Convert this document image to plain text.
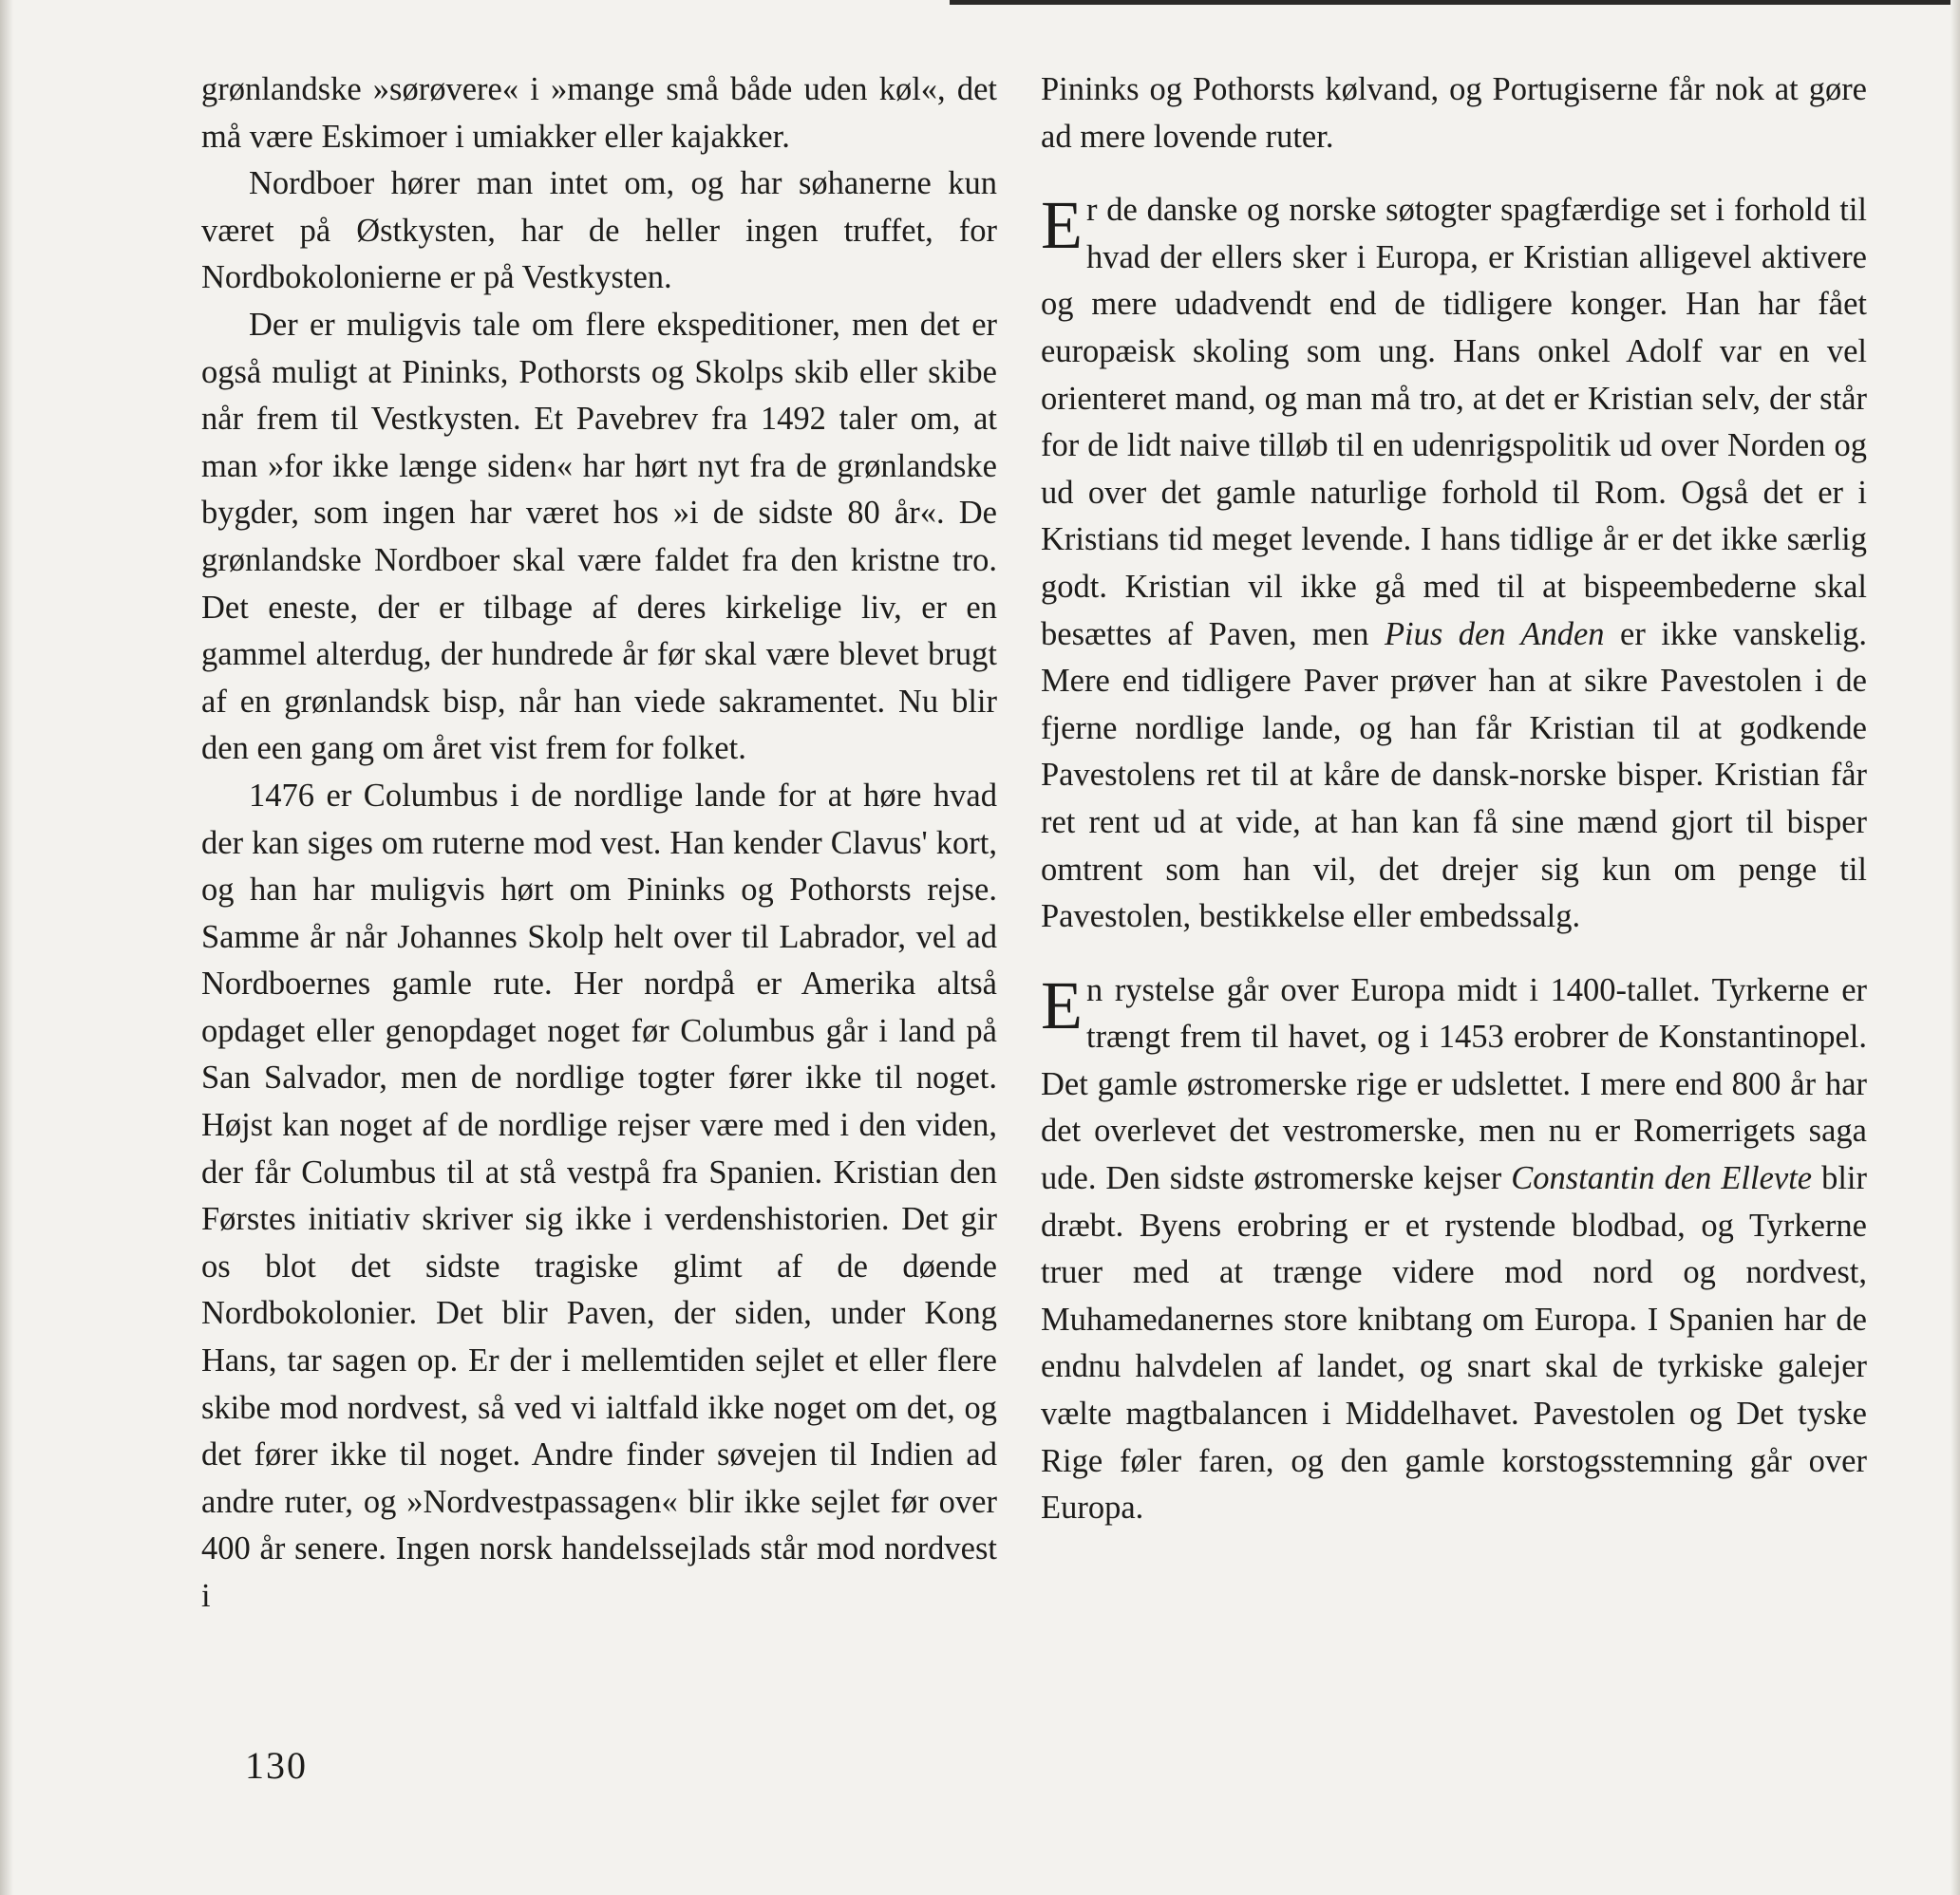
grønlandske »sørøvere« i »mange små både uden køl«, det må være Eskimoer i umiakker eller kajakker.

Nordboer hører man intet om, og har søhanerne kun været på Østkysten, har de heller ingen truffet, for Nordbokolonierne er på Vestkysten.

Der er muligvis tale om flere ekspeditioner, men det er også muligt at Pininks, Pothorsts og Skolps skib eller skibe når frem til Vestkysten. Et Pavebrev fra 1492 taler om, at man »for ikke længe siden« har hørt nyt fra de grønlandske bygder, som ingen har været hos »i de sidste 80 år«. De grønlandske Nordboer skal være faldet fra den kristne tro. Det eneste, der er tilbage af deres kirkelige liv, er en gammel alterdug, der hundrede år før skal være blevet brugt af en grønlandsk bisp, når han viede sakramentet. Nu blir den een gang om året vist frem for folket.

1476 er Columbus i de nordlige lande for at høre hvad der kan siges om ruterne mod vest. Han kender Clavus' kort, og han har muligvis hørt om Pininks og Pothorsts rejse. Samme år når Johannes Skolp helt over til Labrador, vel ad Nordboernes gamle rute. Her nordpå er Amerika altså opdaget eller genopdaget noget før Columbus går i land på San Salvador, men de nordlige togter fører ikke til noget. Højst kan noget af de nordlige rejser være med i den viden, der får Columbus til at stå vestpå fra Spanien. Kristian den Førstes initiativ skriver sig ikke i verdenshistorien. Det gir os blot det sidste tragiske glimt af de døende Nordbokolonier. Det blir Paven, der siden, under Kong Hans, tar sagen op. Er der i mellemtiden sejlet et eller flere skibe mod nordvest, så ved vi ialtfald ikke noget om det, og det fører ikke til noget. Andre finder søvejen til Indien ad andre ruter, og »Nordvestpassagen« blir ikke sejlet før over 400 år senere. Ingen norsk handelssejlads står mod nordvest i

Pininks og Pothorsts kølvand, og Portugiserne får nok at gøre ad mere lovende ruter.

Er de danske og norske søtogter spagfærdige set i forhold til hvad der ellers sker i Europa, er Kristian alligevel aktivere og mere udadvendt end de tidligere konger. Han har fået europæisk skoling som ung. Hans onkel Adolf var en vel orienteret mand, og man må tro, at det er Kristian selv, der står for de lidt naive tilløb til en udenrigspolitik ud over Norden og ud over det gamle naturlige forhold til Rom. Også det er i Kristians tid meget levende. I hans tidlige år er det ikke særlig godt. Kristian vil ikke gå med til at bispeembederne skal besættes af Paven, men Pius den Anden er ikke vanskelig. Mere end tidligere Paver prøver han at sikre Pavestolen i de fjerne nordlige lande, og han får Kristian til at godkende Pavestolens ret til at kåre de dansk-norske bisper. Kristian får ret rent ud at vide, at han kan få sine mænd gjort til bisper omtrent som han vil, det drejer sig kun om penge til Pavestolen, bestikkelse eller embedssalg.

En rystelse går over Europa midt i 1400-tallet. Tyrkerne er trængt frem til havet, og i 1453 erobrer de Konstantinopel. Det gamle østromerske rige er udslettet. I mere end 800 år har det overlevet det vestromerske, men nu er Romerrigets saga ude. Den sidste østromerske kejser Constantin den Ellevte blir dræbt. Byens erobring er et rystende blodbad, og Tyrkerne truer med at trænge videre mod nord og nordvest, Muhamedanernes store knibtang om Europa. I Spanien har de endnu halvdelen af landet, og snart skal de tyrkiske galejer vælte magtbalancen i Middelhavet. Pavestolen og Det tyske Rige føler faren, og den gamle korstogsstemning går over Europa.

130
